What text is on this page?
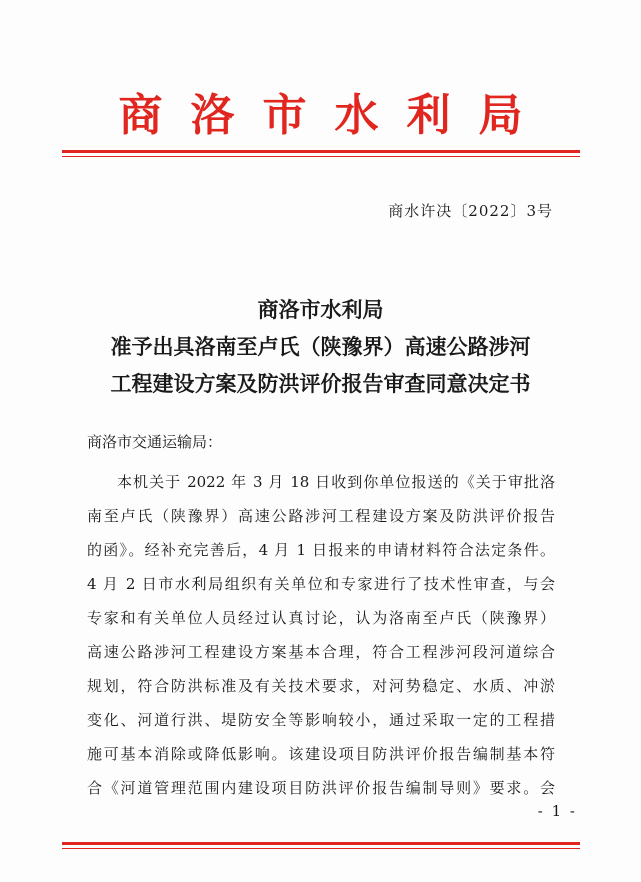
商洛市水利局
商水许决〔2022〕3号
商洛市水利局
准予出具洛南至卢氏（陕豫界）高速公路涉河
工程建设方案及防洪评价报告审查同意决定书
商洛市交通运输局：
本机关于 2022 年 3 月 18 日收到你单位报送的《关于审批洛
南至卢氏（陕豫界）高速公路涉河工程建设方案及防洪评价报告
的函》。经补充完善后，4 月 1 日报来的申请材料符合法定条件。
4 月 2 日市水利局组织有关单位和专家进行了技术性审查，与会
专家和有关单位人员经过认真讨论，认为洛南至卢氏（陕豫界）
高速公路涉河工程建设方案基本合理，符合工程涉河段河道综合
规划，符合防洪标准及有关技术要求，对河势稳定、水质、冲淤
变化、河道行洪、堤防安全等影响较小，通过采取一定的工程措
施可基本消除或降低影响。该建设项目防洪评价报告编制基本符
合《河道管理范围内建设项目防洪评价报告编制导则》要求。会
- 1 -
